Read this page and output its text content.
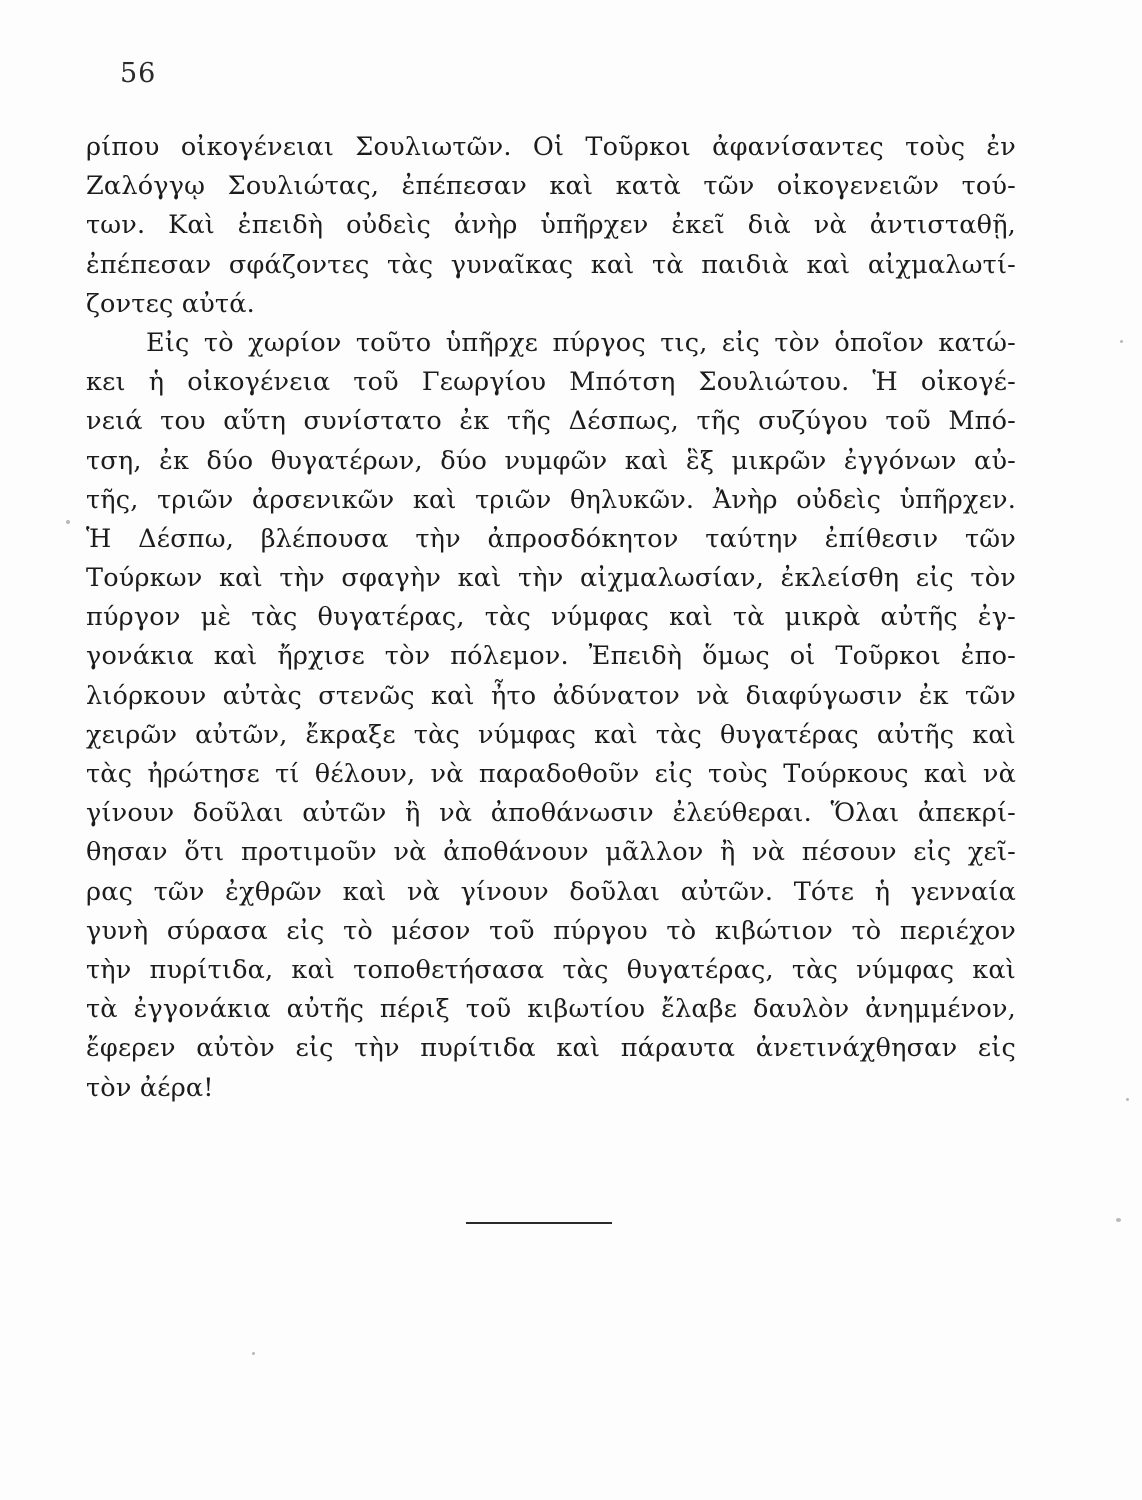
56
ρίπου οἰκογένειαι Σουλιωτῶν. Οἱ Τοῦρκοι ἀφανίσαντες τοὺς ἐν
Ζαλόγγῳ Σουλιώτας, ἐπέπεσαν καὶ κατὰ τῶν οἰκογενειῶν τού-
των. Καὶ ἐπειδὴ οὐδεὶς ἀνὴρ ὑπῆρχεν ἐκεῖ διὰ νὰ ἀντισταθῇ,
ἐπέπεσαν σφάζοντες τὰς γυναῖκας καὶ τὰ παιδιὰ καὶ αἰχμαλωτί-
ζοντες αὐτά.
Εἰς τὸ χωρίον τοῦτο ὑπῆρχε πύργος τις, εἰς τὸν ὁποῖον κατώ-
κει ἡ οἰκογένεια τοῦ Γεωργίου Μπότση Σουλιώτου. Ἡ οἰκογέ-
νειά του αὕτη συνίστατο ἐκ τῆς Δέσπως, τῆς συζύγου τοῦ Μπό-
τση, ἐκ δύο θυγατέρων, δύο νυμφῶν καὶ ἓξ μικρῶν ἐγγόνων αὐ-
τῆς, τριῶν ἀρσενικῶν καὶ τριῶν θηλυκῶν. Ἀνὴρ οὐδεὶς ὑπῆρχεν.
Ἡ Δέσπω, βλέπουσα τὴν ἀπροσδόκητον ταύτην ἐπίθεσιν τῶν
Τούρκων καὶ τὴν σφαγὴν καὶ τὴν αἰχμαλωσίαν, ἐκλείσθη εἰς τὸν
πύργον μὲ τὰς θυγατέρας, τὰς νύμφας καὶ τὰ μικρὰ αὐτῆς ἐγ-
γονάκια καὶ ἤρχισε τὸν πόλεμον. Ἐπειδὴ ὅμως οἱ Τοῦρκοι ἐπο-
λιόρκουν αὐτὰς στενῶς καὶ ἦτο ἀδύνατον νὰ διαφύγωσιν ἐκ τῶν
χειρῶν αὐτῶν, ἔκραξε τὰς νύμφας καὶ τὰς θυγατέρας αὐτῆς καὶ
τὰς ἠρώτησε τί θέλουν, νὰ παραδοθοῦν εἰς τοὺς Τούρκους καὶ νὰ
γίνουν δοῦλαι αὐτῶν ἢ νὰ ἀποθάνωσιν ἐλεύθεραι. Ὅλαι ἀπεκρί-
θησαν ὅτι προτιμοῦν νὰ ἀποθάνουν μᾶλλον ἢ νὰ πέσουν εἰς χεῖ-
ρας τῶν ἐχθρῶν καὶ νὰ γίνουν δοῦλαι αὐτῶν. Τότε ἡ γενναία
γυνὴ σύρασα εἰς τὸ μέσον τοῦ πύργου τὸ κιβώτιον τὸ περιέχον
τὴν πυρίτιδα, καὶ τοποθετήσασα τὰς θυγατέρας, τὰς νύμφας καὶ
τὰ ἐγγονάκια αὐτῆς πέριξ τοῦ κιβωτίου ἔλαβε δαυλὸν ἀνημμένον,
ἔφερεν αὐτὸν εἰς τὴν πυρίτιδα καὶ πάραυτα ἀνετινάχθησαν εἰς
τὸν ἀέρα!
